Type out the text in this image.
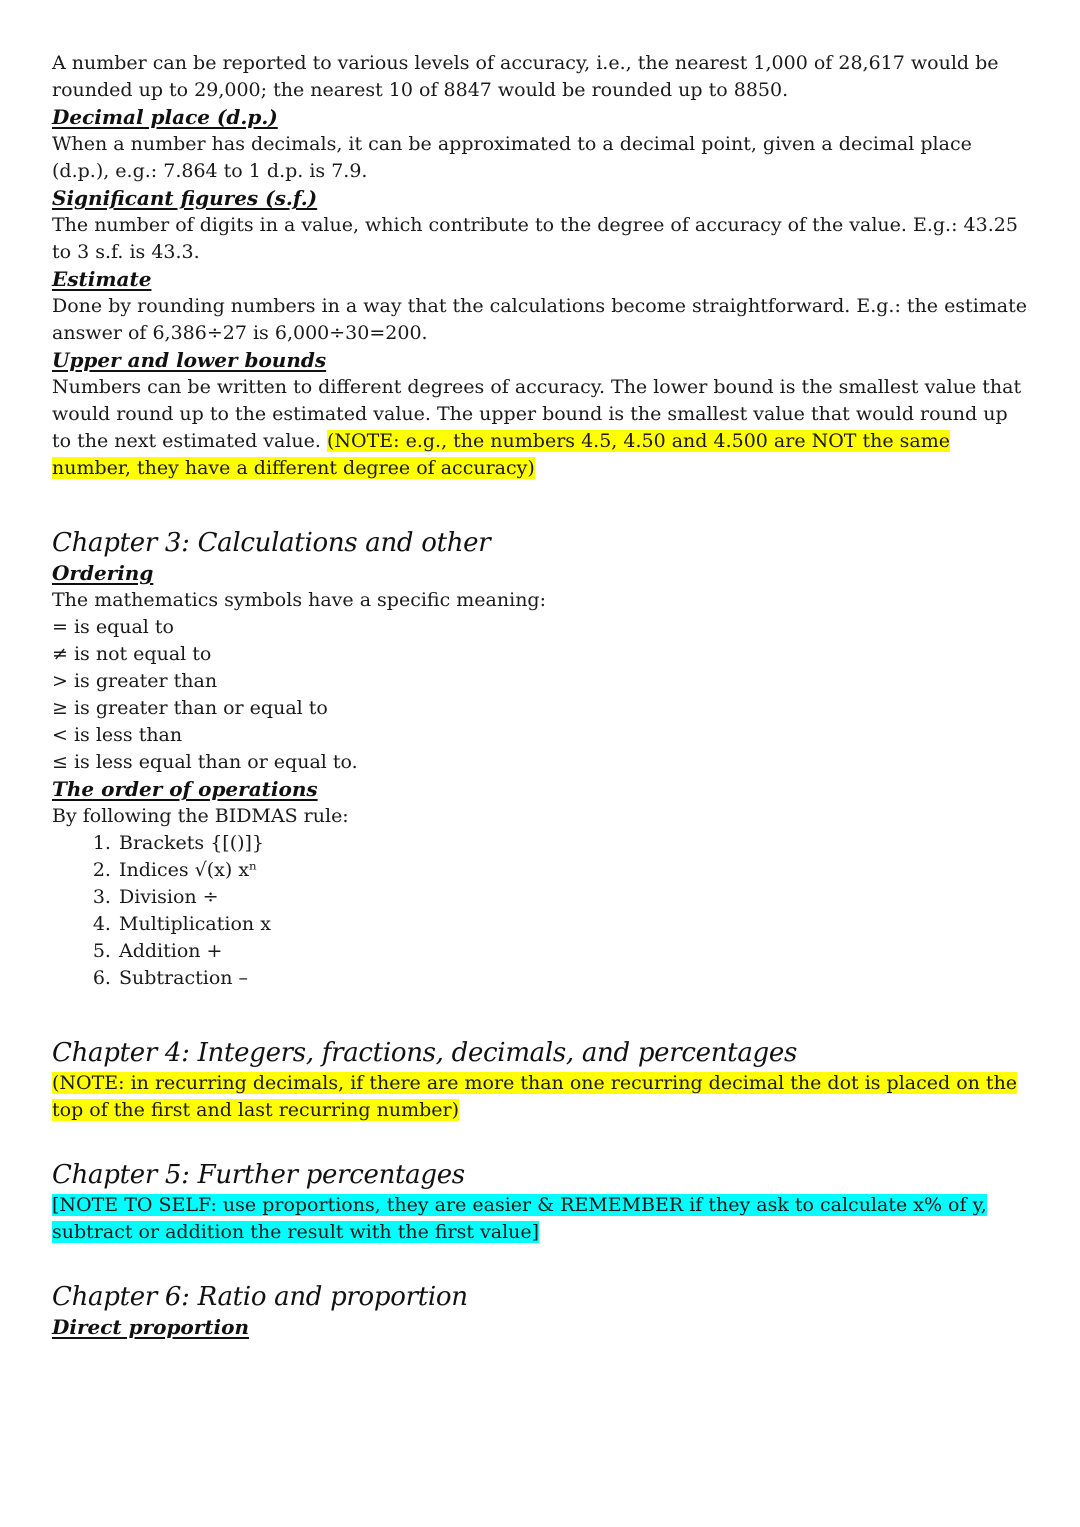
A number can be reported to various levels of accuracy, i.e., the nearest 1,000 of 28,617 would be rounded up to 29,000; the nearest 10 of 8847 would be rounded up to 8850.

Decimal place (d.p.)

When a number has decimals, it can be approximated to a decimal point, given a decimal place (d.p.), e.g.: 7.864 to 1 d.p. is 7.9.

Significant figures (s.f.)

The number of digits in a value, which contribute to the degree of accuracy of the value. E.g.: 43.25 to 3 s.f. is 43.3.

Estimate

Done by rounding numbers in a way that the calculations become straightforward. E.g.: the estimate answer of 6,386÷27 is 6,000÷30=200.

Upper and lower bounds

Numbers can be written to different degrees of accuracy. The lower bound is the smallest value that would round up to the estimated value. The upper bound is the smallest value that would round up to the next estimated value. (NOTE: e.g., the numbers 4.5, 4.50 and 4.500 are NOT the same number, they have a different degree of accuracy)

Chapter 3: Calculations and other
Ordering

The mathematics symbols have a specific meaning:

= is equal to

≠ is not equal to

> is greater than

≥ is greater than or equal to

< is less than

≤ is less equal than or equal to.

The order of operations

By following the BIDMAS rule:

1. Brackets {[()]}
2. Indices √(x) xⁿ
3. Division ÷
4. Multiplication x
5. Addition +
6. Subtraction –
Chapter 4: Integers, fractions, decimals, and percentages

(NOTE: in recurring decimals, if there are more than one recurring decimal the dot is placed on the top of the first and last recurring number)

Chapter 5: Further percentages

[NOTE TO SELF: use proportions, they are easier & REMEMBER if they ask to calculate x% of y, subtract or addition the result with the first value]

Chapter 6: Ratio and proportion
Direct proportion
